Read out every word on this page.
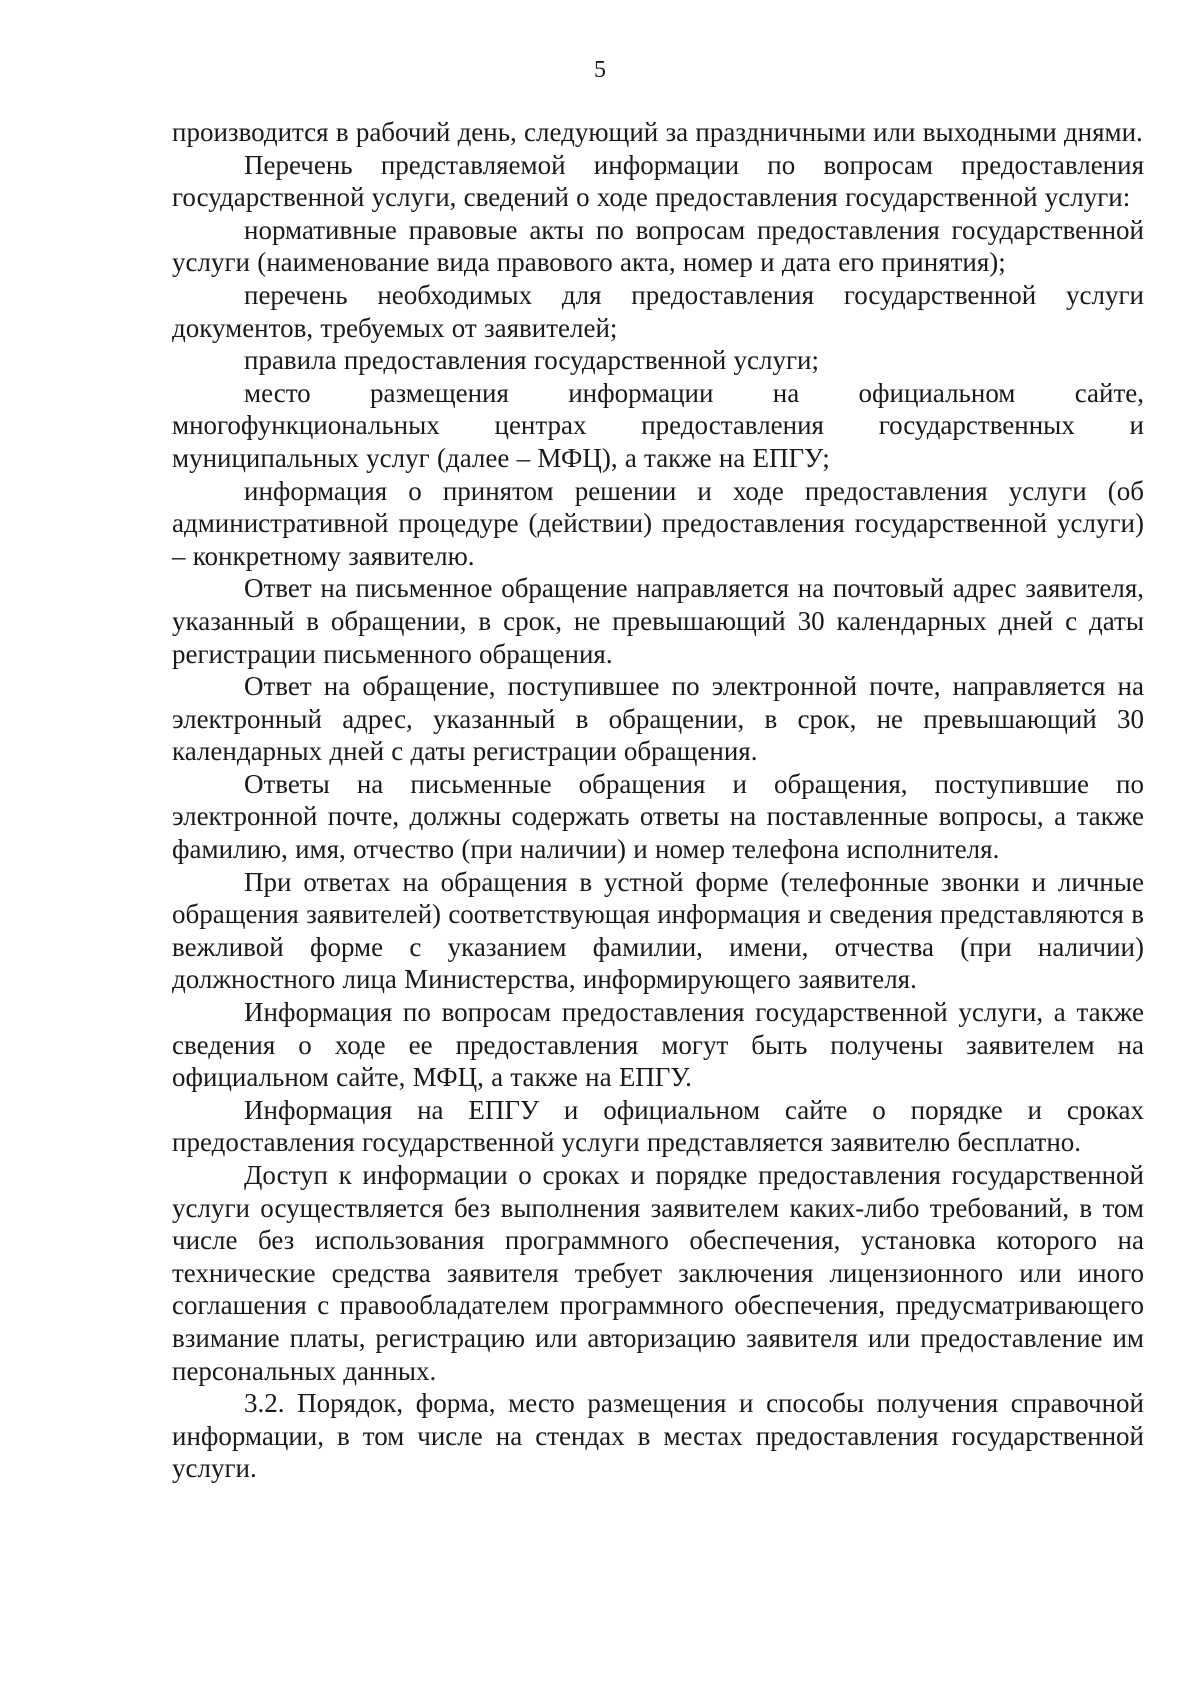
5

производится в рабочий день, следующий за праздничными или выходными днями.

Перечень представляемой информации по вопросам предоставления государственной услуги, сведений о ходе предоставления государственной услуги:

нормативные правовые акты по вопросам предоставления государственной услуги (наименование вида правового акта, номер и дата его принятия);

перечень необходимых для предоставления государственной услуги документов, требуемых от заявителей;

правила предоставления государственной услуги;

место размещения информации на официальном сайте, многофункциональных центрах предоставления государственных и муниципальных услуг (далее – МФЦ), а также на ЕПГУ;

информация о принятом решении и ходе предоставления услуги (об административной процедуре (действии) предоставления государственной услуги) – конкретному заявителю.

Ответ на письменное обращение направляется на почтовый адрес заявителя, указанный в обращении, в срок, не превышающий 30 календарных дней с даты регистрации письменного обращения.

Ответ на обращение, поступившее по электронной почте, направляется на электронный адрес, указанный в обращении, в срок, не превышающий 30 календарных дней с даты регистрации обращения.

Ответы на письменные обращения и обращения, поступившие по электронной почте, должны содержать ответы на поставленные вопросы, а также фамилию, имя, отчество (при наличии) и номер телефона исполнителя.

При ответах на обращения в устной форме (телефонные звонки и личные обращения заявителей) соответствующая информация и сведения представляются в вежливой форме с указанием фамилии, имени, отчества (при наличии) должностного лица Министерства, информирующего заявителя.

Информация по вопросам предоставления государственной услуги, а также сведения о ходе ее предоставления могут быть получены заявителем на официальном сайте, МФЦ, а также на ЕПГУ.

Информация на ЕПГУ и официальном сайте о порядке и сроках предоставления государственной услуги представляется заявителю бесплатно.

Доступ к информации о сроках и порядке предоставления государственной услуги осуществляется без выполнения заявителем каких-либо требований, в том числе без использования программного обеспечения, установка которого на технические средства заявителя требует заключения лицензионного или иного соглашения с правообладателем программного обеспечения, предусматривающего взимание платы, регистрацию или авторизацию заявителя или предоставление им персональных данных.

3.2. Порядок, форма, место размещения и способы получения справочной информации, в том числе на стендах в местах предоставления государственной услуги.
